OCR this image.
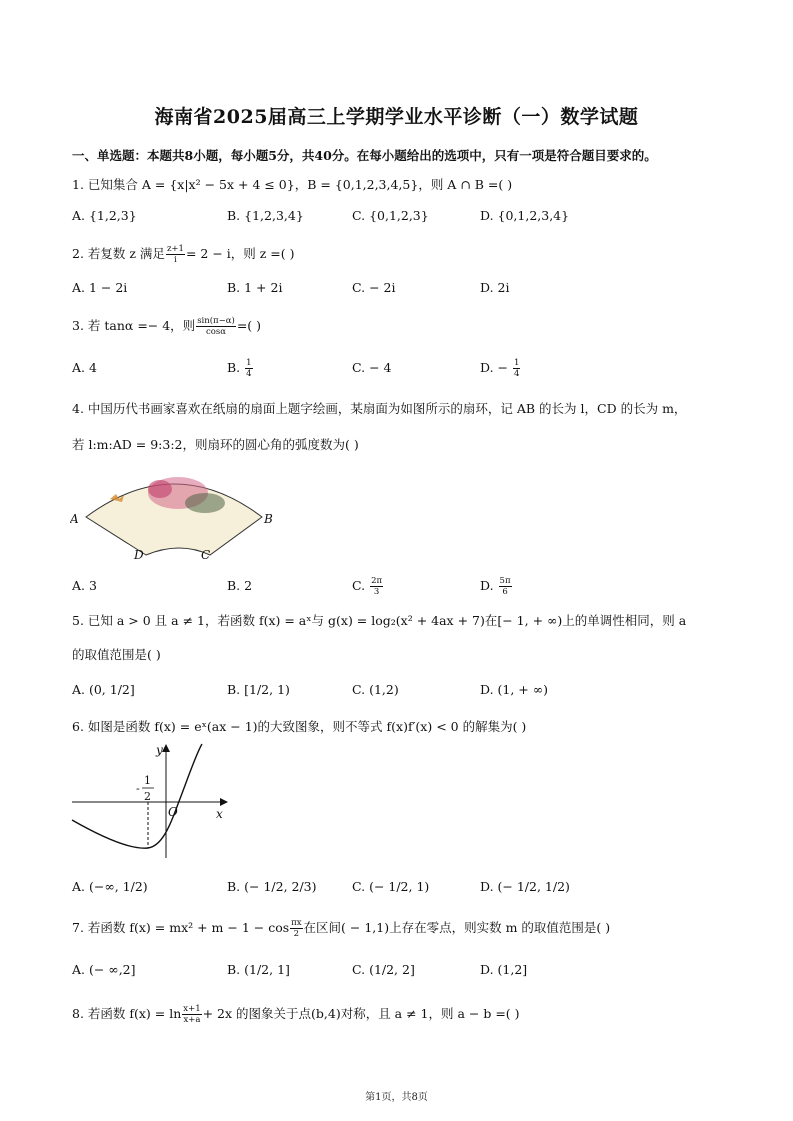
海南省2025届高三上学期学业水平诊断（一）数学试题
一、单选题：本题共8小题，每小题5分，共40分。在每小题给出的选项中，只有一项是符合题目要求的。
1. 已知集合 A = {x|x² − 5x + 4 ≤ 0}，B = {0,1,2,3,4,5}，则 A ∩ B =( )
A. {1,2,3}	B. {1,2,3,4}	C. {0,1,2,3}	D. {0,1,2,3,4}
2. 若复数 z 满足 $\frac{z+1}{i} = 2 - i$，则 z =( )
A. 1 − 2i	B. 1 + 2i	C. − 2i	D. 2i
3. 若 tanα =− 4，则 $\frac{\sin(\pi-\alpha)}{\cos\alpha}$ =( )
A. 4	B. $\frac{1}{4}$	C. − 4	D. − $\frac{1}{4}$
4. 中国历代书画家喜欢在纸扇的扇面上题字绘画，某扇面为如图所示的扇环，记 AB 的长为 l，CD 的长为 m，
若 l:m:AD = 9:3:2，则扇环的圆心角的弧度数为( )
A	B
D	C
A. 3	B. 2	C. $\frac{2\pi}{3}$	D. $\frac{5\pi}{6}$
5. 已知 a > 0 且 a ≠ 1，若函数 f(x) = aˣ与 g(x) = log₂(x² + 4ax + 7)在[− 1, + ∞)上的单调性相同，则 a
的取值范围是( )
A. (0, 1/2]	B. [1/2, 1)	C. (1,2)	D. (1, + ∞)
6. 如图是函数 f(x) = eˣ(ax − 1)的大致图象，则不等式 f(x)f′(x) < 0 的解集为( )
y
x
O
-
1
2
A. (−∞, 1/2)	B. (− 1/2, 2/3)	C. (− 1/2, 1)	D. (− 1/2, 1/2)
7. 若函数 $f(x) = mx^2 + m - 1 - \cos \frac{\pi x}{2}$ 在区间( − 1,1)上存在零点，则实数 m 的取值范围是( )
A. (− ∞,2]	B. (1/2, 1]	C. (1/2, 2]	D. (1,2]
8. 若函数 $f(x) = \ln \frac{x+1}{x+a} + 2x$ 的图象关于点(b,4)对称，且 a ≠ 1，则 a − b =( )
第1页，共8页
